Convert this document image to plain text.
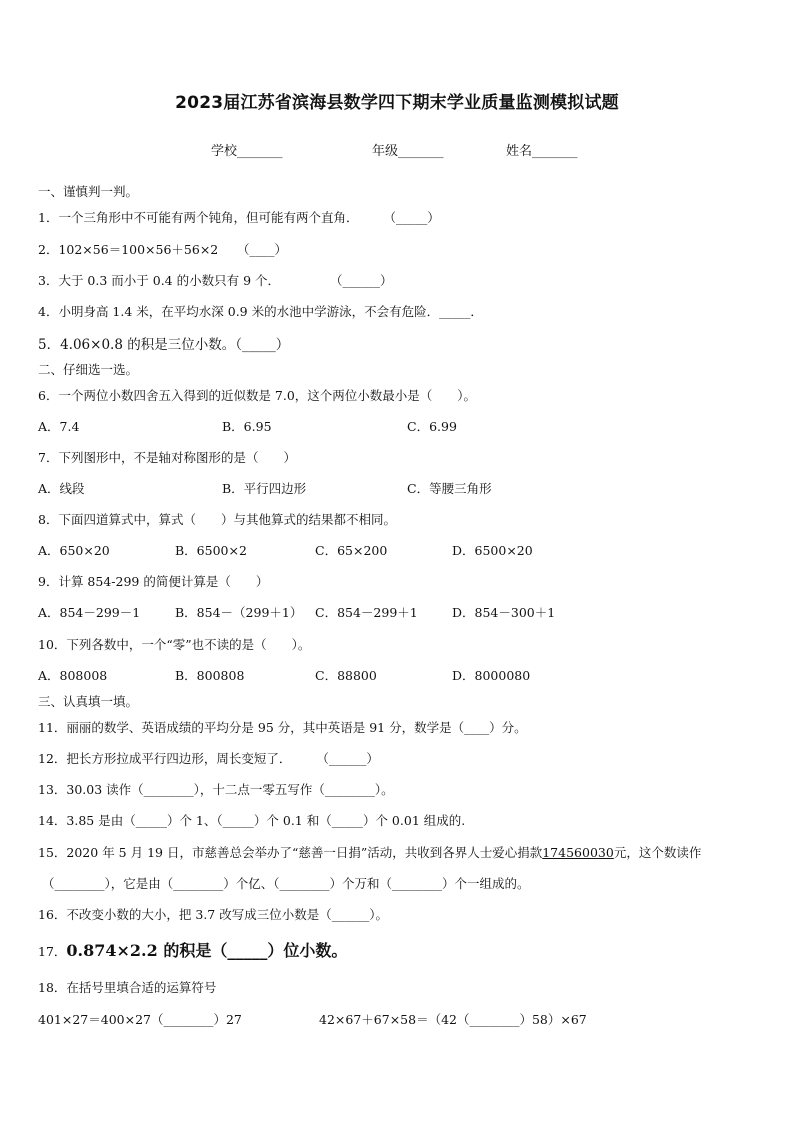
2023届江苏省滨海县数学四下期末学业质量监测模拟试题
学校_______	年级_______	姓名_______
一、谨慎判一判。
1．一个三角形中不可能有两个钝角，但可能有两个直角．　　　（_____）
2．102×56＝100×56＋56×2　　（____）
3．大于 0.3 而小于 0.4 的小数只有 9 个．　　　　　（______）
4．小明身高 1.4 米，在平均水深 0.9 米的水池中学游泳，不会有危险．_____．
5．4.06×0.8 的积是三位小数。（_____）
二、仔细选一选。
6．一个两位小数四舍五入得到的近似数是 7.0，这个两位小数最小是（　　）。
A．7.4	B．6.95	C．6.99
7．下列图形中，不是轴对称图形的是（　　）
A．线段	B．平行四边形	C．等腰三角形
8．下面四道算式中，算式（　　）与其他算式的结果都不相同。
A．650×20	B．6500×2	C．65×200	D．6500×20
9．计算 854-299 的简便计算是（　　）
A．854－299－1	B．854－（299＋1） C．854－299＋1	D．854－300＋1
10．下列各数中，一个“零”也不读的是（　　）。
A．808008	B．800808	C．88800	D．8000080
三、认真填一填。
11．丽丽的数学、英语成绩的平均分是 95 分，其中英语是 91 分，数学是（____）分。
12．把长方形拉成平行四边形，周长变短了．　　　（______）
13．30.03 读作（________），十二点一零五写作（________）。
14．3.85 是由（_____）个 1、（_____）个 0.1 和（_____）个 0.01 组成的.
15．2020 年 5 月 19 日，市慈善总会举办了“慈善一日捐”活动，共收到各界人士爱心捐款174560030元，这个数读作
（________），它是由（________）个亿、（________）个万和（________）个一组成的。
16．不改变小数的大小，把 3.7 改写成三位小数是（______）。
17．0.874×2.2 的积是（_____）位小数。
18．在括号里填合适的运算符号
401×27＝400×27（________）27	42×67＋67×58＝（42（________）58）×67
